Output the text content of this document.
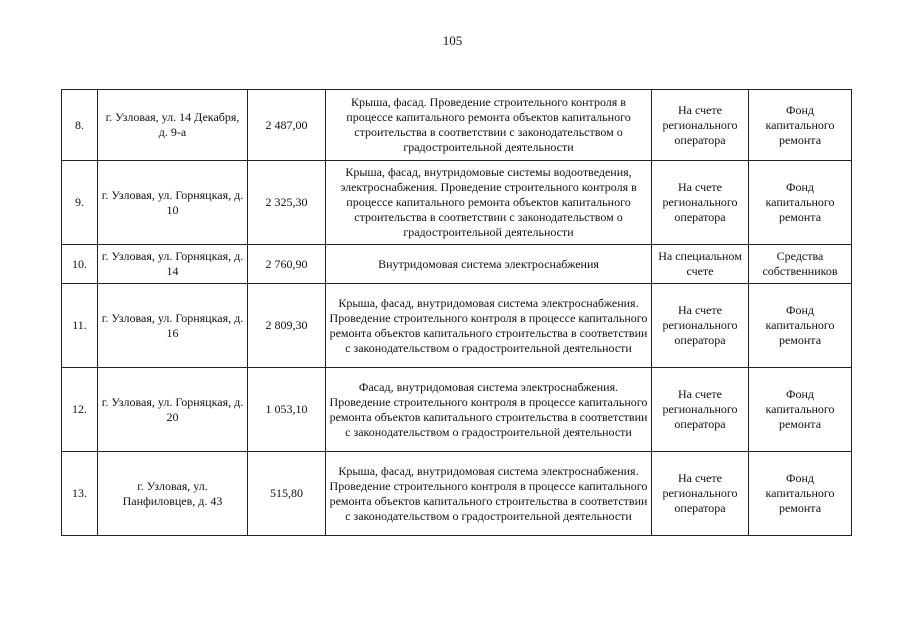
105
8.	г. Узловая, ул. 14 Декабря, д. 9-а	2 487,00	Крыша, фасад. Проведение строительного контроля в процессе капитального ремонта объектов капитального строительства в соответствии с законодательством о градостроительной деятельности	На счете регионального оператора	Фонд капитального ремонта
9.	г. Узловая, ул. Горняцкая, д. 10	2 325,30	Крыша, фасад, внутридомовые системы водоотведения, электроснабжения. Проведение строительного контроля в процессе капитального ремонта объектов капитального строительства в соответствии с законодательством о градостроительной деятельности	На счете регионального оператора	Фонд капитального ремонта
10.	г. Узловая, ул. Горняцкая, д. 14	2 760,90	Внутридомовая система электроснабжения	На специальном счете	Средства собственников
11.	г. Узловая, ул. Горняцкая, д. 16	2 809,30	Крыша, фасад, внутридомовая система электроснабжения. Проведение строительного контроля в процессе капитального ремонта объектов капитального строительства в соответствии с законодательством о градостроительной деятельности	На счете регионального оператора	Фонд капитального ремонта
12.	г. Узловая, ул. Горняцкая, д. 20	1 053,10	Фасад, внутридомовая система электроснабжения. Проведение строительного контроля в процессе капитального ремонта объектов капитального строительства в соответствии с законодательством о градостроительной деятельности	На счете регионального оператора	Фонд капитального ремонта
13.	г. Узловая, ул. Панфиловцев, д. 43	515,80	Крыша, фасад, внутридомовая система электроснабжения. Проведение строительного контроля в процессе капитального ремонта объектов капитального строительства в соответствии с законодательством о градостроительной деятельности	На счете регионального оператора	Фонд капитального ремонта
